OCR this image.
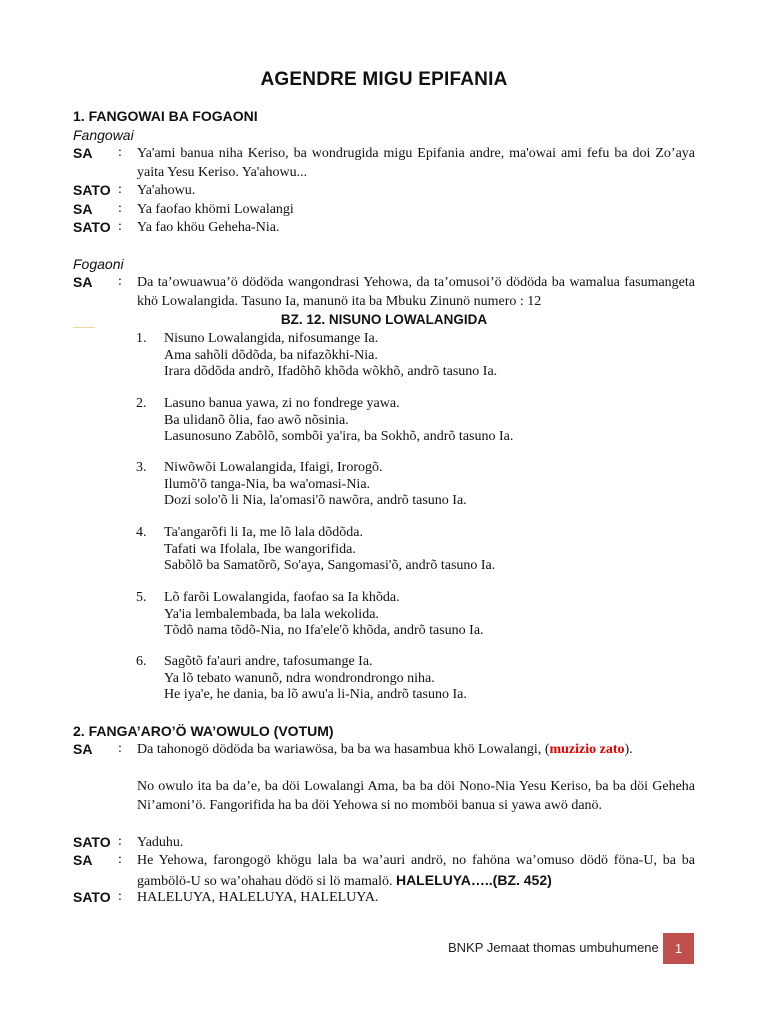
AGENDRE MIGU EPIFANIA
1. FANGOWAI BA FOGAONI
Fangowai
SA	: Ya'ami banua niha Keriso, ba wondrugida migu Epifania andre, ma'owai ami fefu ba doi Zo’aya yaita Yesu Keriso. Ya'ahowu...
SATO : Ya'ahowu.
SA	: Ya faofao khömi Lowalangi
SATO : Ya fao khöu Geheha-Nia.
Fogaoni
SA	: Da ta’owuawua’ö dödöda wangondrasi Yehowa, da ta’omusoi’ö dödöda ba wamalua fasumangeta khö Lowalangida. Tasuno Ia, manunö ita ba Mbuku Zinunö numero : 12
BZ. 12. NISUNO LOWALANGIDA
1. Nisuno Lowalangida, nifosumange Ia.
Ama sahõli dõdõda, ba nifazõkhi-Nia.
Irara dõdõda andrõ, Ifadõhõ khõda wõkhõ, andrõ tasuno Ia.
2. Lasuno banua yawa, zi no fondrege yawa.
Ba ulidanõ õlia, fao awõ nõsinia.
Lasunosuno Zabõlõ, sombõi ya'ira, ba Sokhõ, andrõ tasuno Ia.
3. Niwõwõi Lowalangida, Ifaigi, Irorogõ.
Ilumõ'õ tanga-Nia, ba wa'omasi-Nia.
Dozi solo'õ li Nia, la'omasi'õ nawõra, andrõ tasuno Ia.
4. Ta'angarõfi li Ia, me lõ lala dõdõda.
Tafati wa Ifolala, Ibe wangorifida.
Sabõlõ ba Samatõrõ, So'aya, Sangomasi'õ, andrõ tasuno Ia.
5. Lõ farõi Lowalangida, faofao sa Ia khõda.
Ya'ia lembalembada, ba lala wekolida.
Tõdõ nama tõdõ-Nia, no Ifa'ele'õ khõda, andrõ tasuno Ia.
6. Sagõtõ fa'auri andre, tafosumange Ia.
Ya lõ tebato wanunõ, ndra wondrondrongo niha.
He iya'e, he dania, ba lõ awu'a li-Nia, andrõ tasuno Ia.
2. FANGA’ARO’Ö WA’OWULO (VOTUM)
SA	: Da tahonogö dödöda ba wariawösa, ba ba wa hasambua khö Lowalangi, (muzizio zato).
No owulo ita ba da’e, ba döi Lowalangi Ama, ba ba döi Nono-Nia Yesu Keriso, ba ba döi Geheha Ni’amoni’ö. Fangorifida ha ba döi Yehowa si no momböi banua si yawa awö danö.
SATO : Yaduhu.
SA	: He Yehowa, farongogö khögu lala ba wa’auri andrö, no fahöna wa’omuso dödö föna-U, ba ba gambölö-U so wa’ohahau dödö si lö mamalö. HALELUYA…..(BZ. 452)
SATO : HALELUYA, HALELUYA, HALELUYA.
BNKP Jemaat thomas umbuhumene	1
